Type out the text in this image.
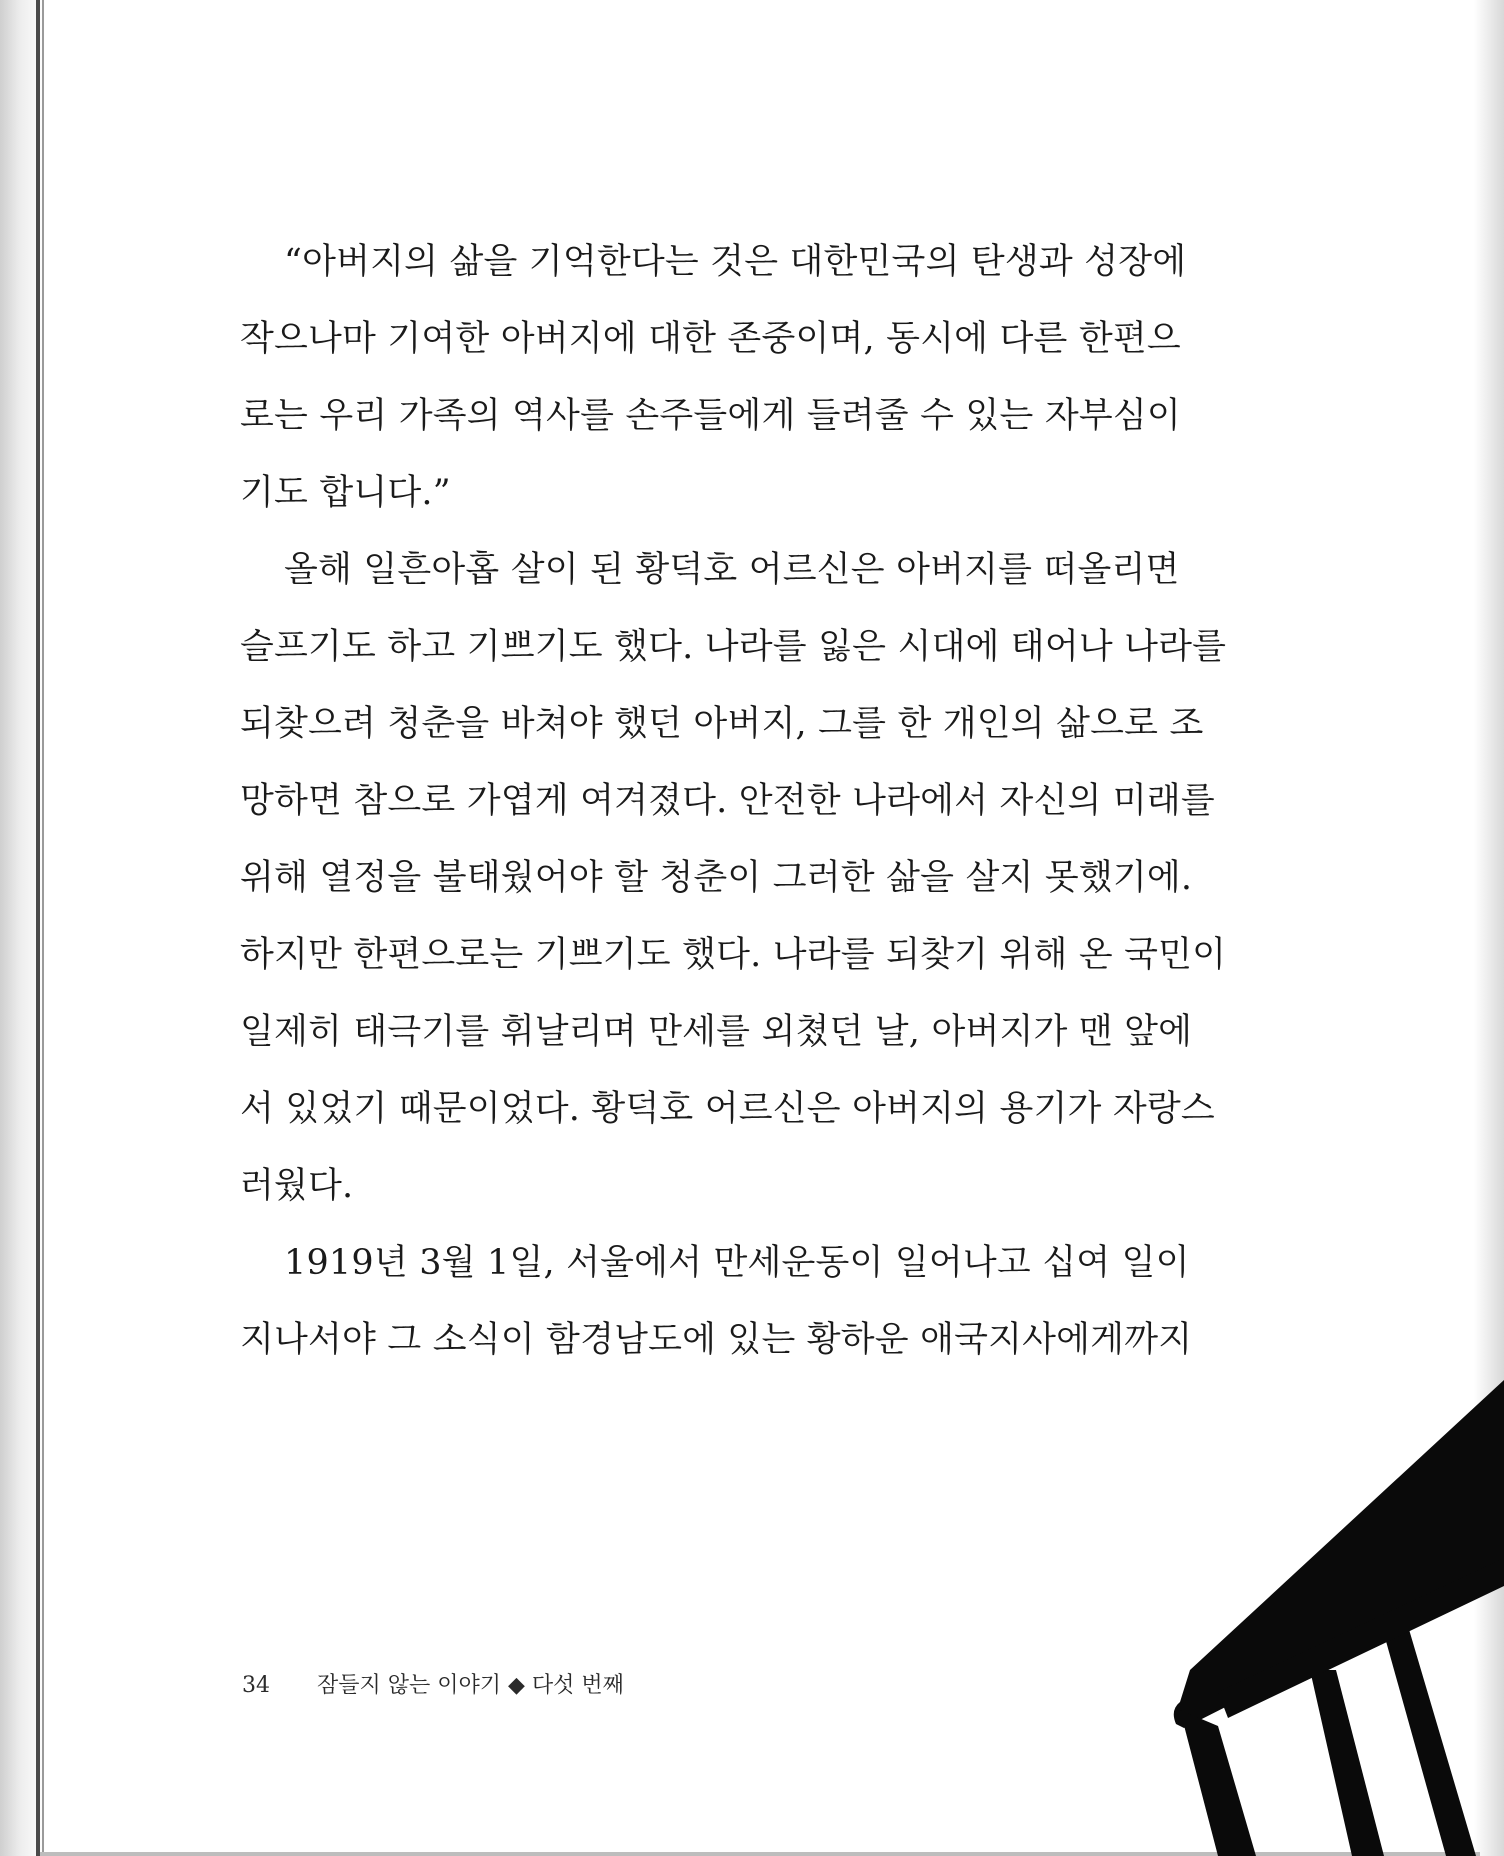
“아버지의 삶을 기억한다는 것은 대한민국의 탄생과 성장에
작으나마 기여한 아버지에 대한 존중이며, 동시에 다른 한편으
로는 우리 가족의 역사를 손주들에게 들려줄 수 있는 자부심이
기도 합니다.”
올해 일흔아홉 살이 된 황덕호 어르신은 아버지를 떠올리면
슬프기도 하고 기쁘기도 했다. 나라를 잃은 시대에 태어나 나라를
되찾으려 청춘을 바쳐야 했던 아버지, 그를 한 개인의 삶으로 조
망하면 참으로 가엽게 여겨졌다. 안전한 나라에서 자신의 미래를
위해 열정을 불태웠어야 할 청춘이 그러한 삶을 살지 못했기에.
하지만 한편으로는 기쁘기도 했다. 나라를 되찾기 위해 온 국민이
일제히 태극기를 휘날리며 만세를 외쳤던 날, 아버지가 맨 앞에
서 있었기 때문이었다. 황덕호 어르신은 아버지의 용기가 자랑스
러웠다.
1919년 3월 1일, 서울에서 만세운동이 일어나고 십여 일이
지나서야 그 소식이 함경남도에 있는 황하운 애국지사에게까지
34 잠들지 않는 이야기 ◆ 다섯 번째
